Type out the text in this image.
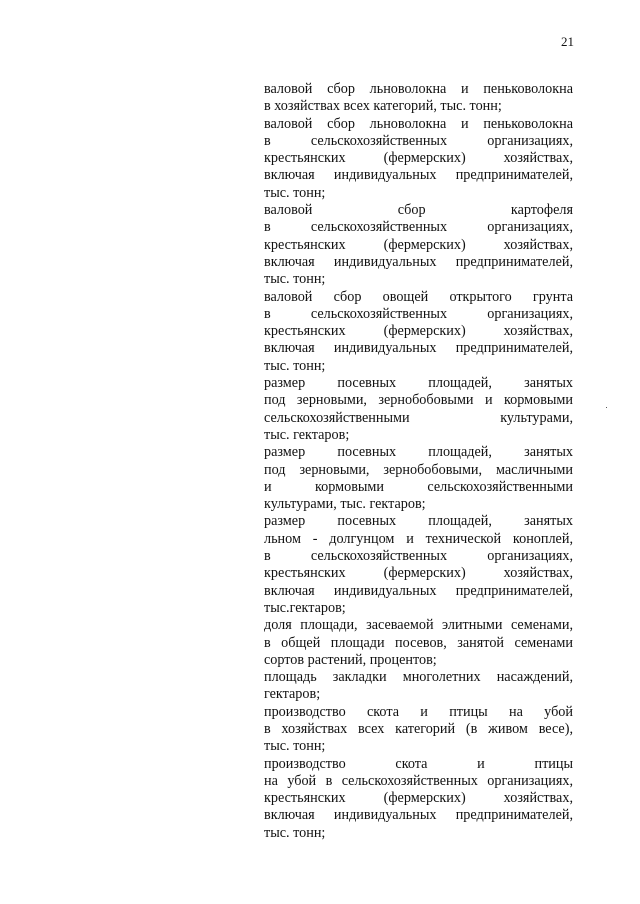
21
валовой сбор льноволокна и пеньковолокна
в хозяйствах всех категорий, тыс. тонн;
валовой сбор льноволокна и пеньковолокна
в сельскохозяйственных организациях,
крестьянских (фермерских) хозяйствах,
включая индивидуальных предпринимателей,
тыс. тонн;
валовой сбор картофеля
в сельскохозяйственных организациях,
крестьянских (фермерских) хозяйствах,
включая индивидуальных предпринимателей,
тыс. тонн;
валовой сбор овощей открытого грунта
в сельскохозяйственных организациях,
крестьянских (фермерских) хозяйствах,
включая индивидуальных предпринимателей,
тыс. тонн;
размер посевных площадей, занятых
под зерновыми, зернобобовыми и кормовыми
сельскохозяйственными культурами,
тыс. гектаров;
размер посевных площадей, занятых
под зерновыми, зернобобовыми, масличными
и кормовыми сельскохозяйственными
культурами, тыс. гектаров;
размер посевных площадей, занятых
льном - долгунцом и технической коноплей,
в сельскохозяйственных организациях,
крестьянских (фермерских) хозяйствах,
включая индивидуальных предпринимателей,
тыс.гектаров;
доля площади, засеваемой элитными семенами,
в общей площади посевов, занятой семенами
сортов растений, процентов;
площадь закладки многолетних насаждений,
гектаров;
производство скота и птицы на убой
в хозяйствах всех категорий (в живом весе),
тыс. тонн;
производство скота и птицы
на убой в сельскохозяйственных организациях,
крестьянских (фермерских) хозяйствах,
включая индивидуальных предпринимателей,
тыс. тонн;
